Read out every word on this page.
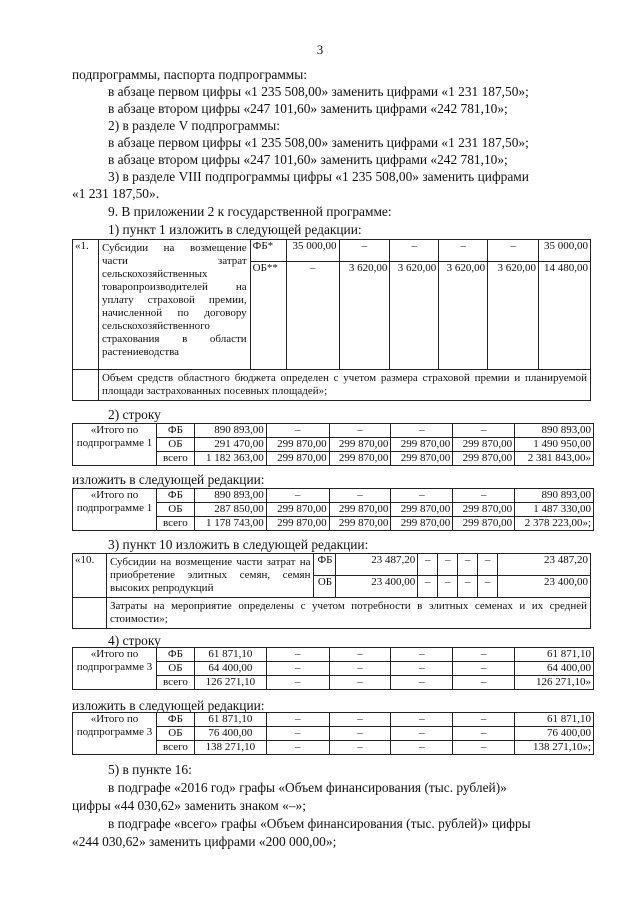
3
подпрограммы, паспорта подпрограммы:
в абзаце первом цифры «1 235 508,00» заменить цифрами «1 231 187,50»;
в абзаце втором цифры «247 101,60» заменить цифрами «242 781,10»;
2) в разделе V подпрограммы:
в абзаце первом цифры «1 235 508,00» заменить цифрами «1 231 187,50»;
в абзаце втором цифры «247 101,60» заменить цифрами «242 781,10»;
3) в разделе VIII подпрограммы цифры «1 235 508,00» заменить цифрами
«1 231 187,50».
9. В приложении 2 к государственной программе:
1) пункт 1 изложить в следующей редакции:
«1.	Субсидии на возмещение части затрат сельскохозяйственных товаропроизводителей на уплату страховой премии, начисленной по договору сельскохозяйственного страхования в области растениеводства	ФБ*	35 000,00	–	–	–	–	35 000,00
		ОБ**	–	3 620,00	3 620,00	3 620,00	3 620,00	14 480,00
	Объем средств областного бюджета определен с учетом размера страховой премии и планируемой площади застрахованных посевных площадей»;							
2) строку
«Итого по подпрограмме 1	ФБ	890 893,00	–	–	–	–	890 893,00
	ОБ	291 470,00	299 870,00	299 870,00	299 870,00	299 870,00	1 490 950,00
	всего	1 182 363,00	299 870,00	299 870,00	299 870,00	299 870,00	2 381 843,00»
изложить в следующей редакции:
«Итого по подпрограмме 1	ФБ	890 893,00	–	–	–	–	890 893,00
	ОБ	287 850,00	299 870,00	299 870,00	299 870,00	299 870,00	1 487 330,00
	всего	1 178 743,00	299 870,00	299 870,00	299 870,00	299 870,00	2 378 223,00»;
3) пункт 10 изложить в следующей редакции:
«10.	Субсидии на возмещение части затрат на приобретение элитных семян, семян высоких репродукций	ФБ	23 487,20	–	–	–	–	23 487,20
		ОБ	23 400,00	–	–	–	–	23 400,00
	Затраты на мероприятие определены с учетом потребности в элитных семенах и их средней стоимости»;							
4) строку
«Итого по подпрограмме 3	ФБ	61 871,10	–	–	–	–	61 871,10
	ОБ	64 400,00	–	–	–	–	64 400,00
	всего	126 271,10	–	–	–	–	126 271,10»
изложить в следующей редакции:
«Итого по подпрограмме 3	ФБ	61 871,10	–	–	–	–	61 871,10
	ОБ	76 400,00	–	–	–	–	76 400,00
	всего	138 271,10	–	–	–	–	138 271,10»;
5) в пункте 16:
в подграфе «2016 год» графы «Объем финансирования (тыс. рублей)»
цифры «44 030,62» заменить знаком «–»;
в подграфе «всего» графы «Объем финансирования (тыс. рублей)» цифры
«244 030,62» заменить цифрами «200 000,00»;
